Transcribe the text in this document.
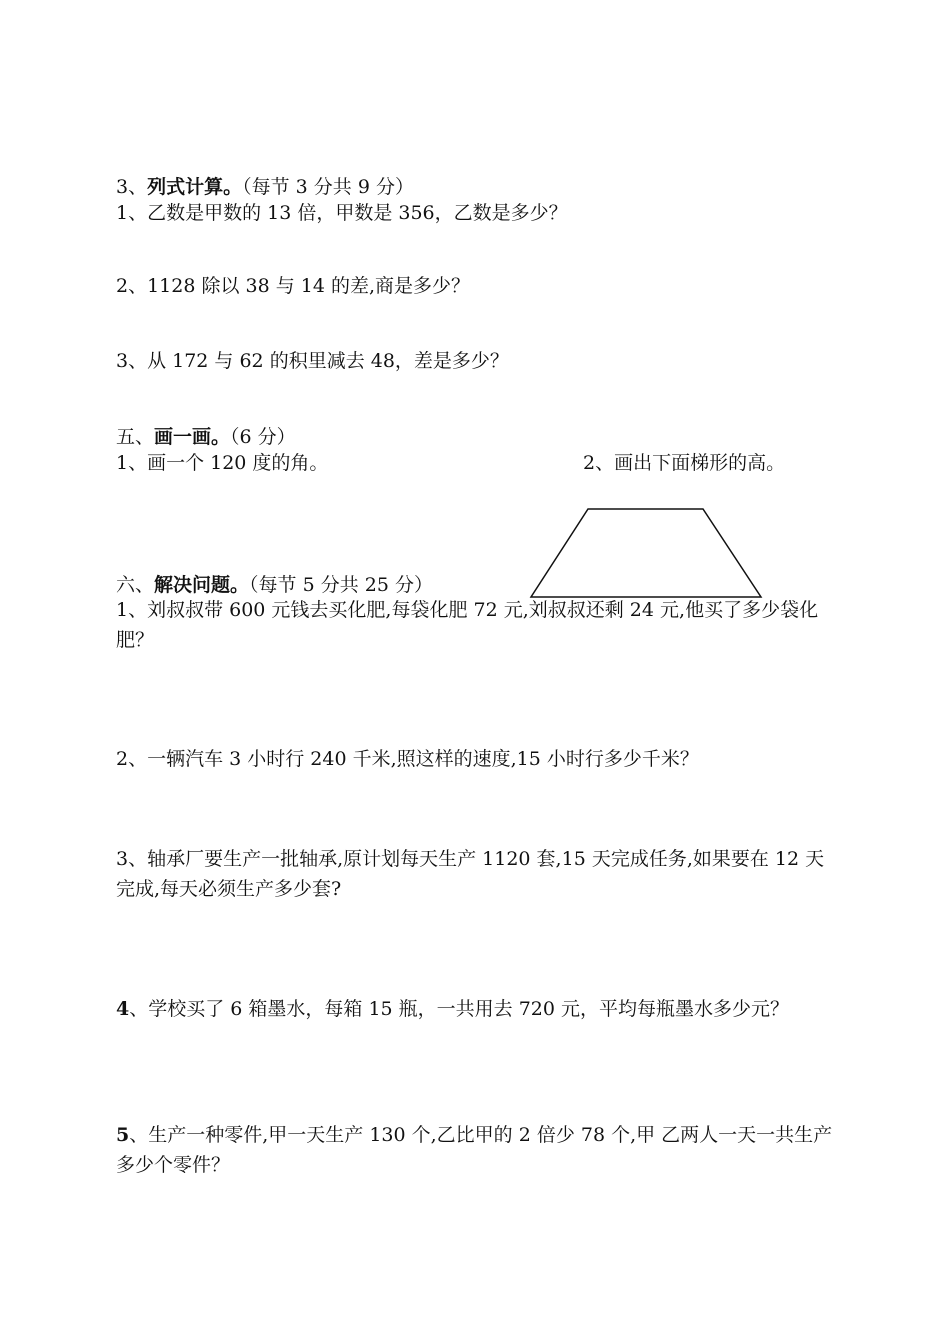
3、列式计算。（每节 3 分共 9 分）
1、乙数是甲数的 13 倍，甲数是 356，乙数是多少？
2、1128 除以 38 与 14 的差,商是多少？
3、从 172 与 62 的积里减去 48，差是多少？
五、画一画。（6 分）
1、画一个 120 度的角。	2、画出下面梯形的高。
六、解决问题。（每节 5 分共 25 分）
1、刘叔叔带 600 元钱去买化肥,每袋化肥 72 元,刘叔叔还剩 24 元,他买了多少袋化肥？
2、一辆汽车 3 小时行 240 千米,照这样的速度,15 小时行多少千米？
3、轴承厂要生产一批轴承,原计划每天生产 1120 套,15 天完成任务,如果要在 12 天完成,每天必须生产多少套?
4、学校买了 6 箱墨水，每箱 15 瓶，一共用去 720 元，平均每瓶墨水多少元？
5、生产一种零件,甲一天生产 130 个,乙比甲的 2 倍少 78 个,甲 乙两人一天一共生产多少个零件？
